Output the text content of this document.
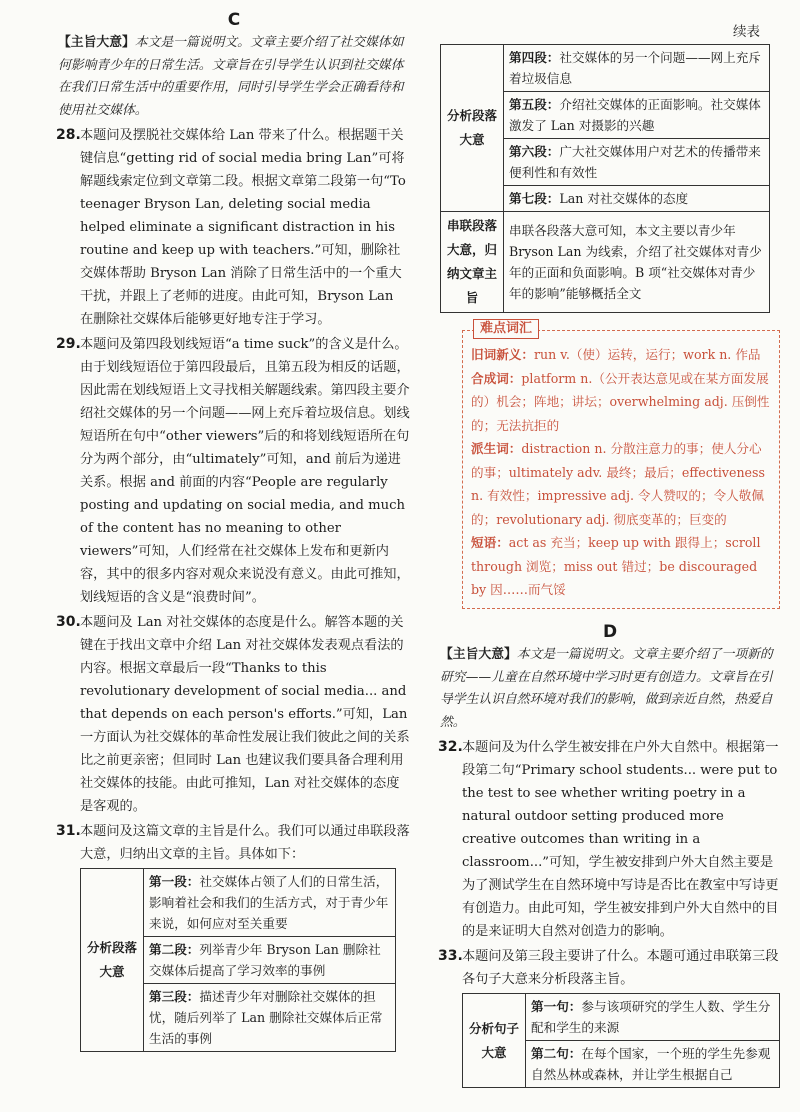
C

【主旨大意】本文是一篇说明文。文章主要介绍了社交媒体如何影响青少年的日常生活。文章旨在引导学生认识到社交媒体在我们日常生活中的重要作用，同时引导学生学会正确看待和使用社交媒体。

28. 本题问及摆脱社交媒体给 Lan 带来了什么。根据题干关键信息“getting rid of social media bring Lan”可将解题线索定位到文章第二段。根据文章第二段第一句“To teenager Bryson Lan, deleting social media helped eliminate a significant distraction in his routine and keep up with teachers.”可知，删除社交媒体帮助 Bryson Lan 消除了日常生活中的一个重大干扰，并跟上了老师的进度。由此可知，Bryson Lan 在删除社交媒体后能够更好地专注于学习。

29. 本题问及第四段划线短语“a time suck”的含义是什么。由于划线短语位于第四段最后，且第五段为相反的话题，因此需在划线短语上文寻找相关解题线索。第四段主要介绍社交媒体的另一个问题——网上充斥着垃圾信息。划线短语所在句中“other viewers”后的和将划线短语所在句分为两个部分，由“ultimately”可知，and 前后为递进关系。根据 and 前面的内容“People are regularly posting and updating on social media, and much of the content has no meaning to other viewers”可知，人们经常在社交媒体上发布和更新内容，其中的很多内容对观众来说没有意义。由此可推知，划线短语的含义是“浪费时间”。

30. 本题问及 Lan 对社交媒体的态度是什么。解答本题的关键在于找出文章中介绍 Lan 对社交媒体发表观点看法的内容。根据文章最后一段“Thanks to this revolutionary development of social media... and that depends on each person's efforts.”可知，Lan 一方面认为社交媒体的革命性发展让我们彼此之间的关系比之前更亲密；但同时 Lan 也建议我们要具备合理利用社交媒体的技能。由此可推知，Lan 对社交媒体的态度是客观的。

31. 本题问及这篇文章的主旨是什么。我们可以通过串联段落大意，归纳出文章的主旨。具体如下：

分析段落大意	第一段：社交媒体占领了人们的日常生活，影响着社会和我们的生活方式，对于青少年来说，如何应对至关重要
第二段：列举青少年 Bryson Lan 删除社交媒体后提高了学习效率的事例
第三段：描述青少年对删除社交媒体的担忧，随后列举了 Lan 删除社交媒体后正常生活的事例
续表
分析段落大意	第四段：社交媒体的另一个问题——网上充斥着垃圾信息
	第五段：介绍社交媒体的正面影响。社交媒体激发了 Lan 对摄影的兴趣
	第六段：广大社交媒体用户对艺术的传播带来便利性和有效性
	第七段：Lan 对社交媒体的态度
串联段落大意，归纳文章主旨	串联各段落大意可知，本文主要以青少年 Bryson Lan 为线索，介绍了社交媒体对青少年的正面和负面影响。B 项“社交媒体对青少年的影响”能够概括全文
难点词汇
旧词新义：run v.（使）运转，运行；work n. 作品
合成词：platform n.（公开表达意见或在某方面发展的）机会；阵地；讲坛；overwhelming adj. 压倒性的；无法抗拒的
派生词：distraction n. 分散注意力的事；使人分心的事；ultimately adv. 最终；最后；effectiveness n. 有效性；impressive adj. 令人赞叹的；令人敬佩的；revolutionary adj. 彻底变革的；巨变的
短语：act as 充当；keep up with 跟得上；scroll through 浏览；miss out 错过；be discouraged by 因……而气馁
D

【主旨大意】本文是一篇说明文。文章主要介绍了一项新的研究——儿童在自然环境中学习时更有创造力。文章旨在引导学生认识自然环境对我们的影响，做到亲近自然，热爱自然。

32. 本题问及为什么学生被安排在户外大自然中。根据第一段第二句“Primary school students... were put to the test to see whether writing poetry in a natural outdoor setting produced more creative outcomes than writing in a classroom...”可知，学生被安排到户外大自然主要是为了测试学生在自然环境中写诗是否比在教室中写诗更有创造力。由此可知，学生被安排到户外大自然中的目的是来证明大自然对创造力的影响。

33. 本题问及第三段主要讲了什么。本题可通过串联第三段各句子大意来分析段落主旨。

分析句子大意	第一句：参与该项研究的学生人数、学生分配和学生的来源
第二句：在每个国家，一个班的学生先参观自然丛林或森林，并让学生根据自己
